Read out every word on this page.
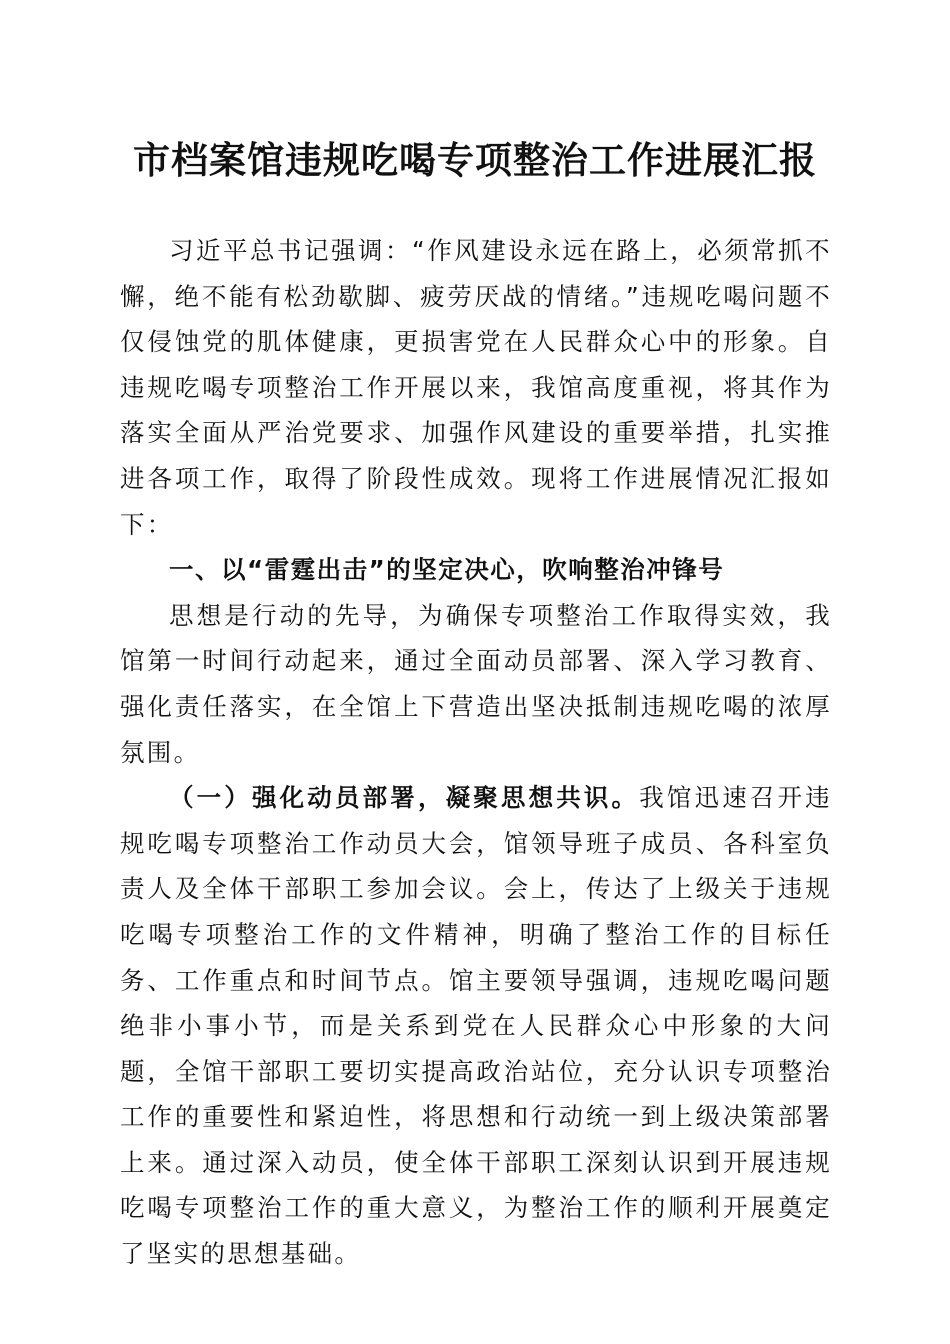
市档案馆违规吃喝专项整治工作进展汇报

习近平总书记强调：“作风建设永远在路上，必须常抓不懈，绝不能有松劲歇脚、疲劳厌战的情绪。”违规吃喝问题不仅侵蚀党的肌体健康，更损害党在人民群众心中的形象。自违规吃喝专项整治工作开展以来，我馆高度重视，将其作为落实全面从严治党要求、加强作风建设的重要举措，扎实推进各项工作，取得了阶段性成效。现将工作进展情况汇报如下：

一、以“雷霆出击”的坚定决心，吹响整治冲锋号

思想是行动的先导，为确保专项整治工作取得实效，我馆第一时间行动起来，通过全面动员部署、深入学习教育、强化责任落实，在全馆上下营造出坚决抵制违规吃喝的浓厚氛围。

（一）强化动员部署，凝聚思想共识。我馆迅速召开违规吃喝专项整治工作动员大会，馆领导班子成员、各科室负责人及全体干部职工参加会议。会上，传达了上级关于违规吃喝专项整治工作的文件精神，明确了整治工作的目标任务、工作重点和时间节点。馆主要领导强调，违规吃喝问题绝非小事小节，而是关系到党在人民群众心中形象的大问题，全馆干部职工要切实提高政治站位，充分认识专项整治工作的重要性和紧迫性，将思想和行动统一到上级决策部署上来。通过深入动员，使全体干部职工深刻认识到开展违规吃喝专项整治工作的重大意义，为整治工作的顺利开展奠定了坚实的思想基础。
